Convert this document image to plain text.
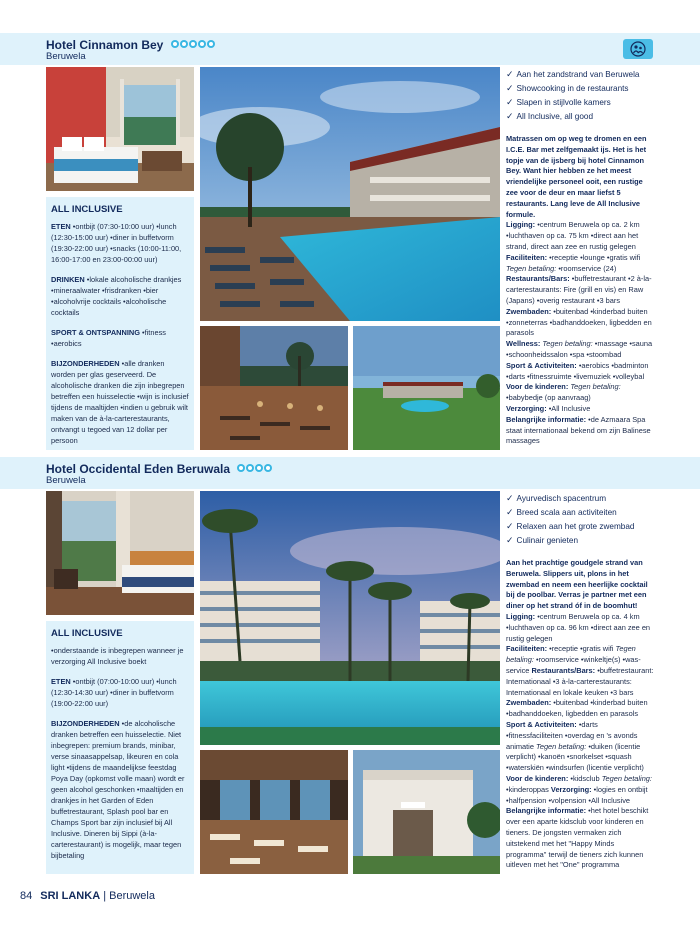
Hotel Cinnamon Bey
Beruwela
ALL INCLUSIVE
ETEN •ontbijt (07:30-10:00 uur) •lunch (12:30-15:00 uur) •diner in buffetvorm (19:30-22:00 uur) •snacks (10:00-11:00, 16:00-17:00 en 23:00-00:00 uur)
DRINKEN •lokale alcoholische drankjes •mineraalwater •frisdranken •bier •alcoholvrije cocktails •alcoholische cocktails
SPORT & ONTSPANNING •fitness •aerobics
BIJZONDERHEDEN •alle dranken worden per glas geserveerd. De alcoholische dranken die zijn inbegrepen betreffen een huisselectie •wijn is inclusief tijdens de maaltijden •indien u gebruik wilt maken van de à-la-carterestaurants, ontvangt u tegoed van 12 dollar per persoon
✓ Aan het zandstrand van Beruwela
✓ Showcooking in de restaurants
✓ Slapen in stijlvolle kamers
✓ All Inclusive, all good

Matrassen om op weg te dromen en een I.C.E. Bar met zelfgemaakt ijs. Het is het topje van de ijsberg bij hotel Cinnamon Bey. Want hier hebben ze het meest vriendelijke personeel ooit, een rustige zee voor de deur en maar liefst 5 restaurants. Lang leve de All Inclusive formule.

Ligging: •centrum Beruwela op ca. 2 km •luchthaven op ca. 75 km •direct aan het strand, direct aan zee en rustig gelegen
Faciliteiten: •receptie •lounge •gratis wifi Tegen betaling: •roomservice (24)
Restaurants/Bars: •buffetrestaurant •2 à-la-carterestaurants: Fire (grill en vis) en Raw (Japans) •overig restaurant •3 bars
Zwembaden: •buitenbad •kinderbad buiten •zonneterras •badhanddoeken, ligbedden en parasols
Wellness: Tegen betaling: •massage •sauna •schoonheidssalon •spa •stoombad
Sport & Activiteiten: •aerobics •badminton •darts •fitnessruimte •livemuziek •volleybal
Voor de kinderen: Tegen betaling: •babybedje (op aanvraag)
Verzorging: •All Inclusive
Belangrijke informatie: •de Azmaara Spa staat internationaal bekend om zijn Balinese massages

Hotel Occidental Eden Beruwala
Beruwela
ALL INCLUSIVE
•onderstaande is inbegrepen wanneer je verzorging All Inclusive boekt
ETEN •ontbijt (07:00-10:00 uur) •lunch (12:30-14:30 uur) •diner in buffetvorm (19:00-22:00 uur)
BIJZONDERHEDEN •de alcoholische dranken betreffen een huisselectie. Niet inbegrepen: premium brands, minibar, verse sinaasappelsap, likeuren en cola light •tijdens de maandelijkse feestdag Poya Day (opkomst volle maan) wordt er geen alcohol geschonken •maaltijden en drankjes in het Garden of Eden buffetrestaurant, Splash pool bar en Champs Sport bar zijn inclusief bij All Inclusive. Dineren bij Sippi (à-la-carterestaurant) is mogelijk, maar tegen bijbetaling
✓ Ayurvedisch spacentrum
✓ Breed scala aan activiteiten
✓ Relaxen aan het grote zwembad
✓ Culinair genieten

Aan het prachtige goudgele strand van Beruwela. Slippers uit, plons in het zwembad en neem een heerlijke cocktail bij de poolbar. Verras je partner met een diner op het strand óf in de boomhut!

Ligging: •centrum Beruwela op ca. 4 km •luchthaven op ca. 96 km •direct aan zee en rustig gelegen
Faciliteiten: •receptie •gratis wifi Tegen betaling: •roomservice •winkeltje(s) •was-service Restaurants/Bars: •buffetrestaurant: Internationaal •3 à-la-carterestaurants: Internationaal en lokale keuken •3 bars
Zwembaden: •buitenbad •kinderbad buiten •badhanddoeken, ligbedden en parasols
Sport & Activiteiten: •darts •fitnessfaciliteiten •overdag en 's avonds animatie Tegen betaling: •duiken (licentie verplicht) •kanoën •snorkelset •squash •waterskiën •windsurfen (licentie verplicht) Voor de kinderen: •kidsclub Tegen betaling: •kinderoppas Verzorging: •logies en ontbijt •halfpension •volpension •All Inclusive
Belangrijke informatie: •het hotel beschikt over een aparte kidsclub voor kinderen en tieners. De jongsten vermaken zich uitstekend met het "Happy Minds programma" terwijl de tieners zich kunnen uitleven met het "One" programma

84 SRI LANKA | Beruwela
